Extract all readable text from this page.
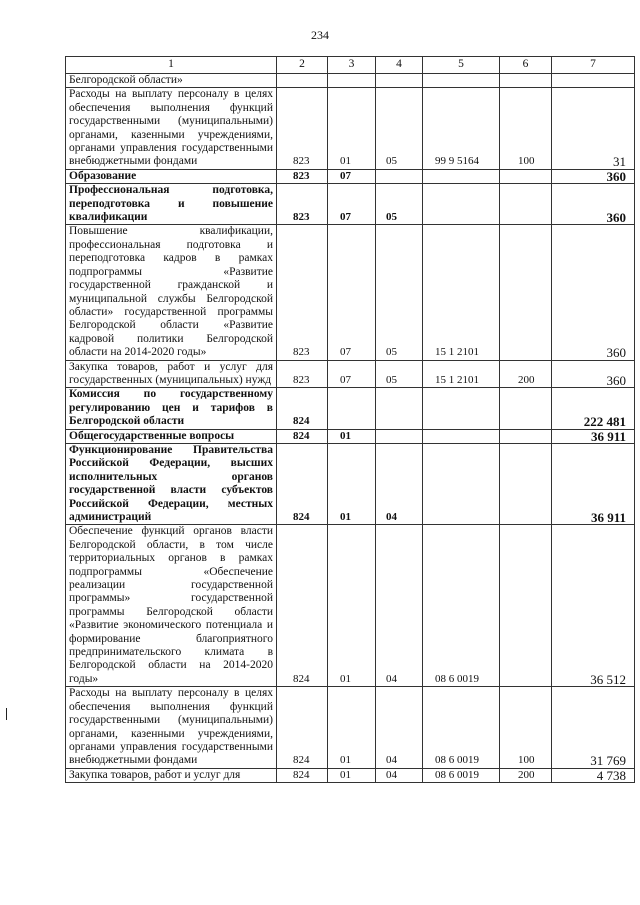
234
1	2	3	4	5	6	7
Белгородской области»						
Расходы на выплату персоналу в целях обеспечения выполнения функций государственными (муниципальными) органами, казенными учреждениями, органами управления государственными внебюджетными фондами	823	01	05	99 9 5164	100	31
Образование	823	07				360
Профессиональная подготовка, переподготовка и повышение квалификации	823	07	05			360
Повышение квалификации, профессиональная подготовка и переподготовка кадров в рамках подпрограммы «Развитие государственной гражданской и муниципальной службы Белгородской области» государственной программы Белгородской области «Развитие кадровой политики Белгородской области на 2014-2020 годы»	823	07	05	15 1 2101		360
Закупка товаров, работ и услуг для государственных (муниципальных) нужд	823	07	05	15 1 2101	200	360
Комиссия по государственному регулированию цен и тарифов в Белгородской области	824					222 481
Общегосударственные вопросы	824	01				36 911
Функционирование Правительства Российской Федерации, высших исполнительных органов государственной власти субъектов Российской Федерации, местных администраций	824	01	04			36 911
Обеспечение функций органов власти Белгородской области, в том числе территориальных органов в рамках подпрограммы «Обеспечение реализации государственной программы» государственной программы Белгородской области «Развитие экономического потенциала и формирование благоприятного предпринимательского климата в Белгородской области на 2014-2020 годы»	824	01	04	08 6 0019		36 512
Расходы на выплату персоналу в целях обеспечения выполнения функций государственными (муниципальными) органами, казенными учреждениями, органами управления государственными внебюджетными фондами	824	01	04	08 6 0019	100	31 769
Закупка товаров, работ и услуг для	824	01	04	08 6 0019	200	4 738
